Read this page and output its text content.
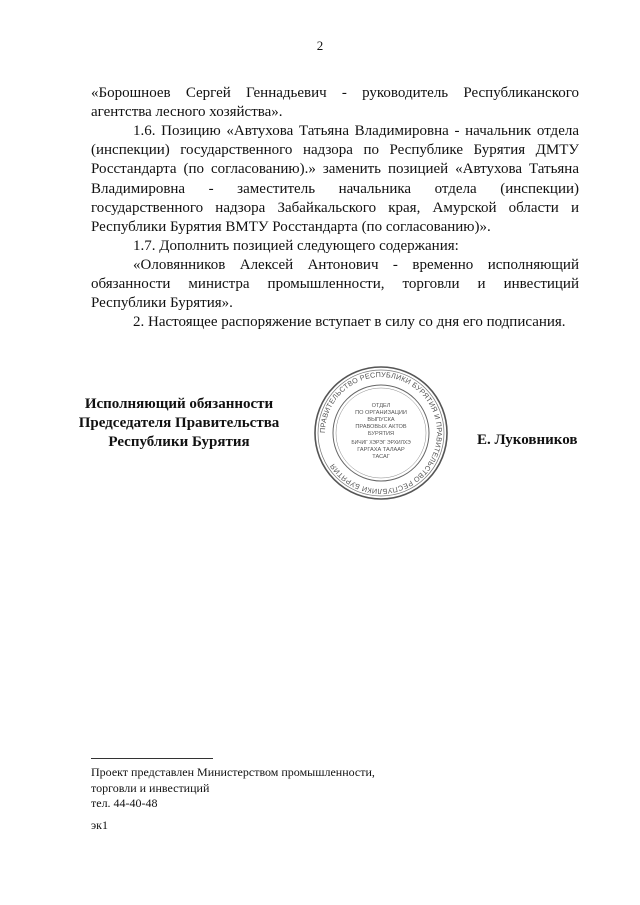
2

«Борошноев Сергей Геннадьевич - руководитель Республиканского

агентства лесного хозяйства».

1.6. Позицию «Автухова Татьяна Владимировна - начальник отдела

(инспекции) государственного надзора по Республике Бурятия ДМТУ

Росстандарта (по согласованию).» заменить позицией «Автухова Татьяна

Владимировна - заместитель начальника отдела (инспекции)

государственного надзора Забайкальского края, Амурской области и

Республики Бурятия ВМТУ Росстандарта (по согласованию)».

1.7. Дополнить позицией следующего содержания:

«Оловянников Алексей Антонович - временно исполняющий

обязанности министра промышленности, торговли и инвестиций

Республики Бурятия».

2. Настоящее распоряжение вступает в силу со дня его подписания.

Исполняющий обязанности
Председателя Правительства
Республики Бурятия
ПРАВИТЕЛЬСТВО РЕСПУБЛИКИ БУРЯТИЯ И ПРАВИТЕЛЬСТВО РЕСПУБЛИКИ БУРЯТИЯ
ОТДЕЛ
ПО ОРГАНИЗАЦИИ
ВЫПУСКА
ПРАВОВЫХ АКТОВ
БУРЯТИЯ
БИЧИГ ХЭРЭГ ЭРХИЛХЭ
ГАРГАХА ТАЛААР
ТАСАГ
Е. Луковников
Проект представлен Министерством промышленности,
торговли и инвестиций
тел. 44-40-48
эк1
